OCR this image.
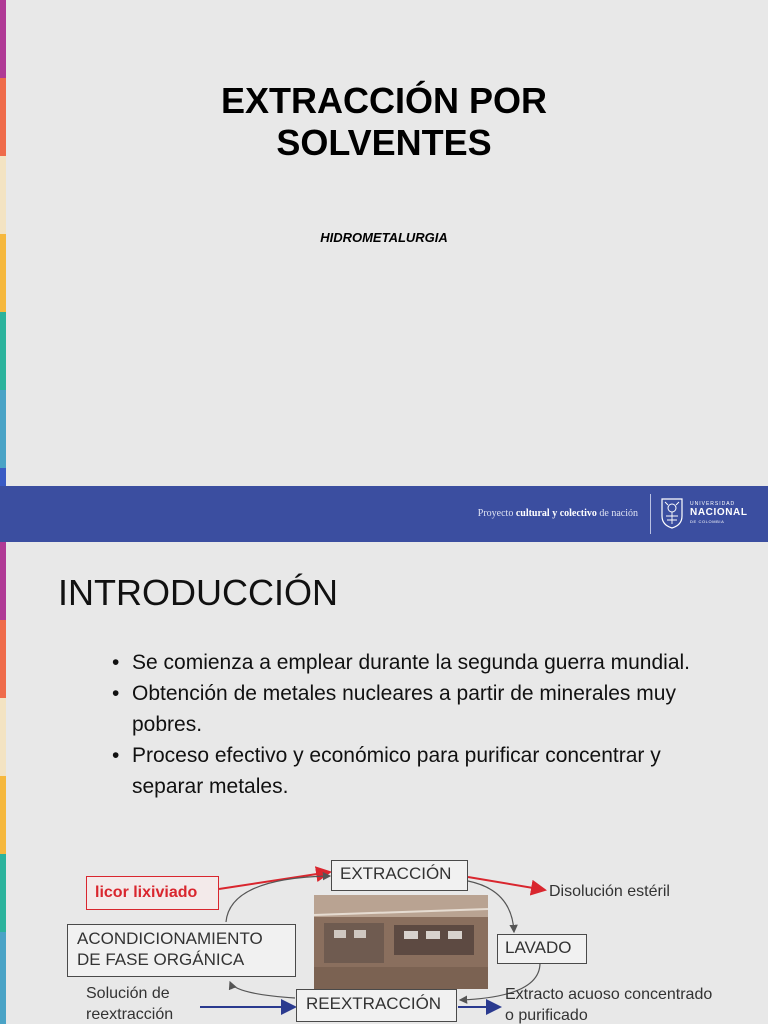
EXTRACCIÓN POR SOLVENTES
HIDROMETALURGIA
Proyecto cultural y colectivo de nación
UNIVERSIDAD
NACIONAL
DE COLOMBIA
INTRODUCCIÓN
• Se comienza a emplear durante la segunda guerra mundial.
• Obtención de metales nucleares a partir de minerales muy pobres.
• Proceso efectivo y económico para purificar concentrar y separar metales.
EXTRACCIÓN
licor lixiviado	Disolución estéril
LAVADO
ACONDICIONAMIENTO DE FASE ORGÁNICA
REEXTRACCIÓN
Solución de reextracción
Extracto acuoso concentrado o purificado
